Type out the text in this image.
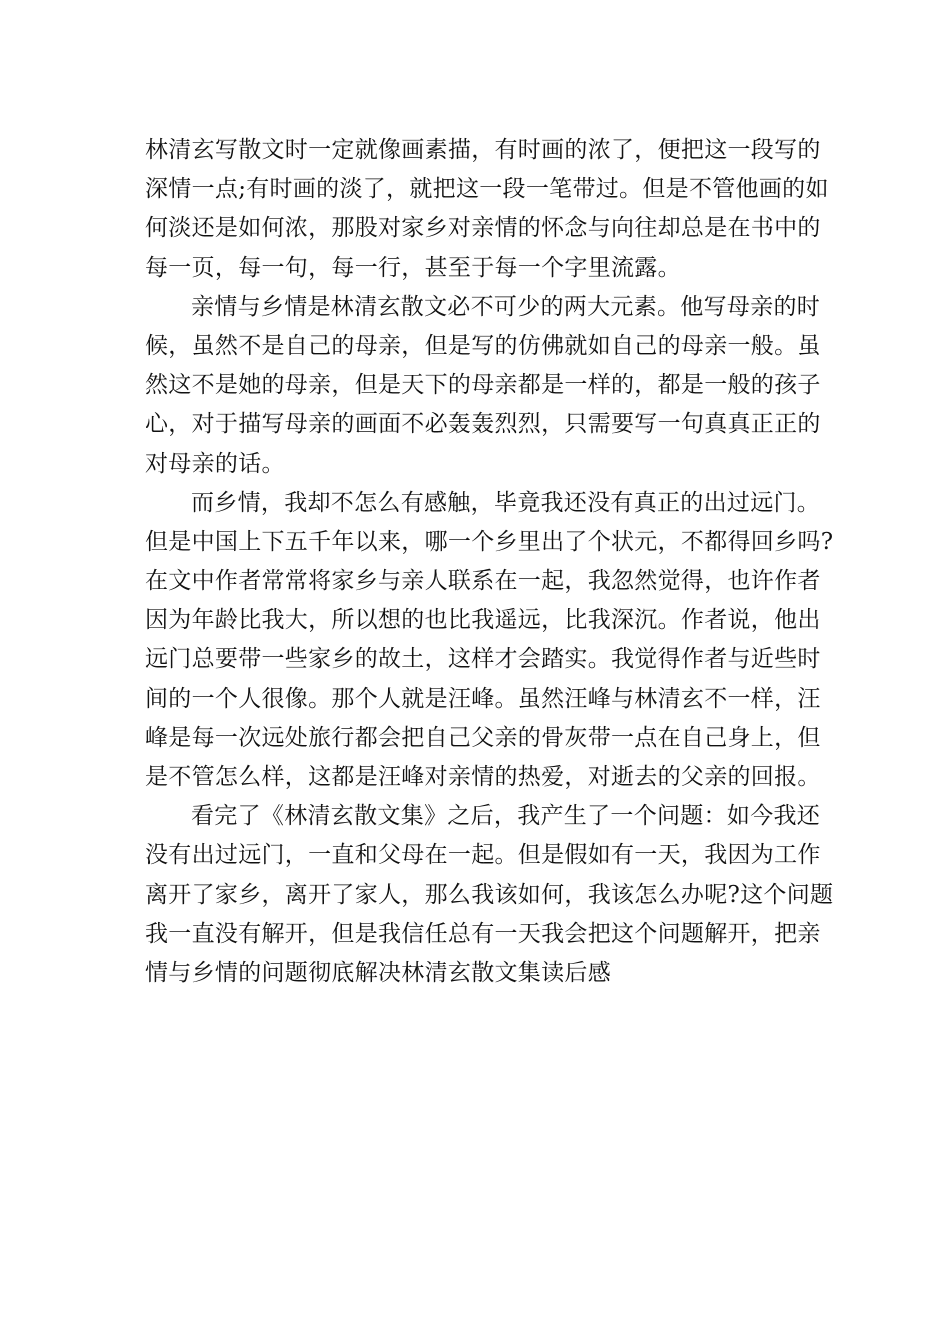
林清玄写散文时一定就像画素描，有时画的浓了，便把这一段写的
深情一点;有时画的淡了，就把这一段一笔带过。但是不管他画的如
何淡还是如何浓，那股对家乡对亲情的怀念与向往却总是在书中的
每一页，每一句，每一行，甚至于每一个字里流露。
亲情与乡情是林清玄散文必不可少的两大元素。他写母亲的时
候，虽然不是自己的母亲，但是写的仿佛就如自己的母亲一般。虽
然这不是她的母亲，但是天下的母亲都是一样的，都是一般的孩子
心，对于描写母亲的画面不必轰轰烈烈，只需要写一句真真正正的
对母亲的话。
而乡情，我却不怎么有感触，毕竟我还没有真正的出过远门。
但是中国上下五千年以来，哪一个乡里出了个状元，不都得回乡吗?
在文中作者常常将家乡与亲人联系在一起，我忽然觉得，也许作者
因为年龄比我大，所以想的也比我遥远，比我深沉。作者说，他出
远门总要带一些家乡的故土，这样才会踏实。我觉得作者与近些时
间的一个人很像。那个人就是汪峰。虽然汪峰与林清玄不一样，汪
峰是每一次远处旅行都会把自己父亲的骨灰带一点在自己身上，但
是不管怎么样，这都是汪峰对亲情的热爱，对逝去的父亲的回报。
看完了《林清玄散文集》之后，我产生了一个问题：如今我还
没有出过远门，一直和父母在一起。但是假如有一天，我因为工作
离开了家乡，离开了家人，那么我该如何，我该怎么办呢?这个问题
我一直没有解开，但是我信任总有一天我会把这个问题解开，把亲
情与乡情的问题彻底解决林清玄散文集读后感
